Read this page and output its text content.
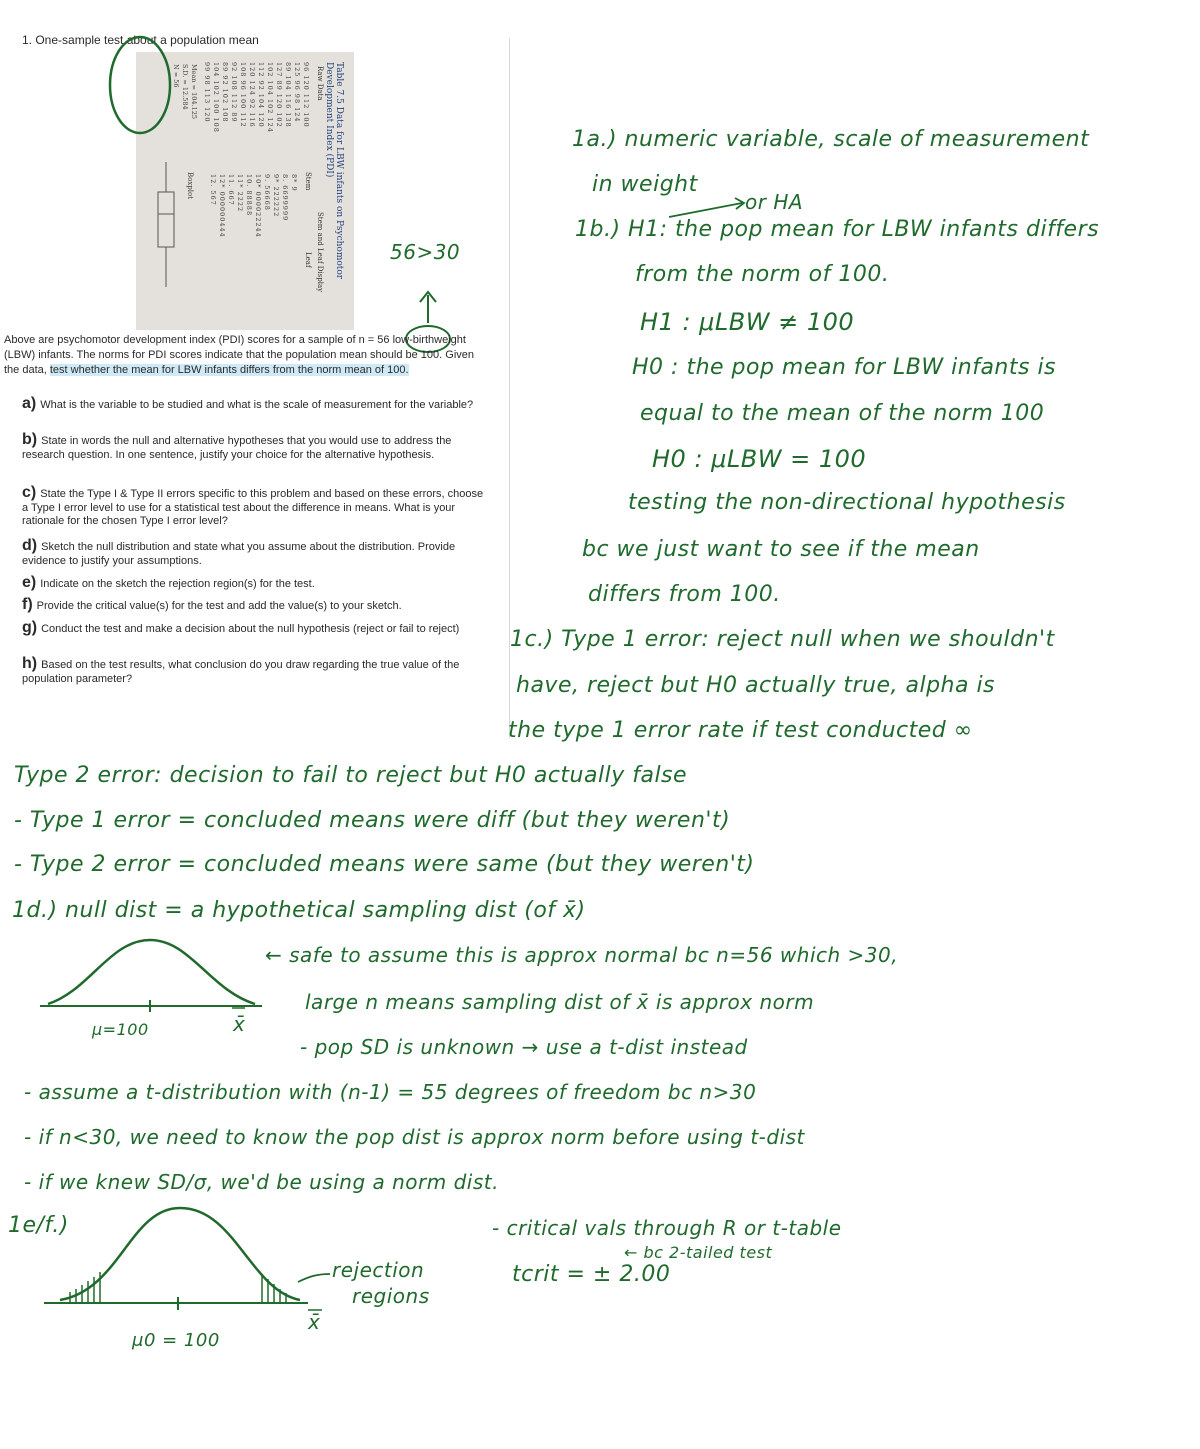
1. One-sample test about a population mean
Table 7.5 Data for LBW infants on Psychomotor Development Index (PDI)
Raw Data
Stem and Leaf Display
Stem
Leaf
96 120 112 100
125 96 98 124
89 104 116 138
127 89 120 102
102 104 102 124
112 92 104 120
120 124 92 116
108 96 100 112
92 108 112 89
89 92 102 108
104 102 100 108
99 98 113 120
8* 9
8. 6699999
9* 222222
9. 56668
10* 000022244
10. 88888
11* 2222
11. 667
12* 000000444
12. 567
Mean = 104.125
S.D. = 12.584
N = 56
Boxplot
Above are psychomotor development index (PDI) scores for a sample of n = 56 low-birthweight (LBW) infants. The norms for PDI scores indicate that the population mean should be 100. Given the data, test whether the mean for LBW infants differs from the norm mean of 100.
a) What is the variable to be studied and what is the scale of measurement for the variable?
b) State in words the null and alternative hypotheses that you would use to address the research question. In one sentence, justify your choice for the alternative hypothesis.
c) State the Type I & Type II errors specific to this problem and based on these errors, choose a Type I error level to use for a statistical test about the difference in means. What is your rationale for the chosen Type I error level?
d) Sketch the null distribution and state what you assume about the distribution. Provide evidence to justify your assumptions.
e) Indicate on the sketch the rejection region(s) for the test.
f) Provide the critical value(s) for the test and add the value(s) to your sketch.
g) Conduct the test and make a decision about the null hypothesis (reject or fail to reject)
h) Based on the test results, what conclusion do you draw regarding the true value of the population parameter?
56>30
1a.) numeric variable, scale of measurement
in weight
or HA
1b.) H1: the pop mean for LBW infants differs
from the norm of 100.
H1 : μLBW ≠ 100
H0 : the pop mean for LBW infants is
equal to the mean of the norm 100
H0 : μLBW = 100
testing the non-directional hypothesis
bc we just want to see if the mean
differs from 100.
1c.) Type 1 error: reject null when we shouldn't
have, reject but H0 actually true, alpha is
the type 1 error rate if test conducted ∞
Type 2 error: decision to fail to reject but H0 actually false
- Type 1 error = concluded means were diff (but they weren't)
- Type 2 error = concluded means were same (but they weren't)
1d.) null dist = a hypothetical sampling dist (of x̄)
← safe to assume this is approx normal bc n=56 which >30,
large n means sampling dist of x̄ is approx norm
- pop SD is unknown → use a t-dist instead
- assume a t-distribution with (n-1) = 55 degrees of freedom bc n>30
- if n<30, we need to know the pop dist is approx norm before using t-dist
- if we knew SD/σ, we'd be using a norm dist.
1e/f.)	- critical vals through R or t-table
← bc 2-tailed test
tcrit = ± 2.00
μ=100	x̄
μ0 = 100
x̄
rejection
regions
